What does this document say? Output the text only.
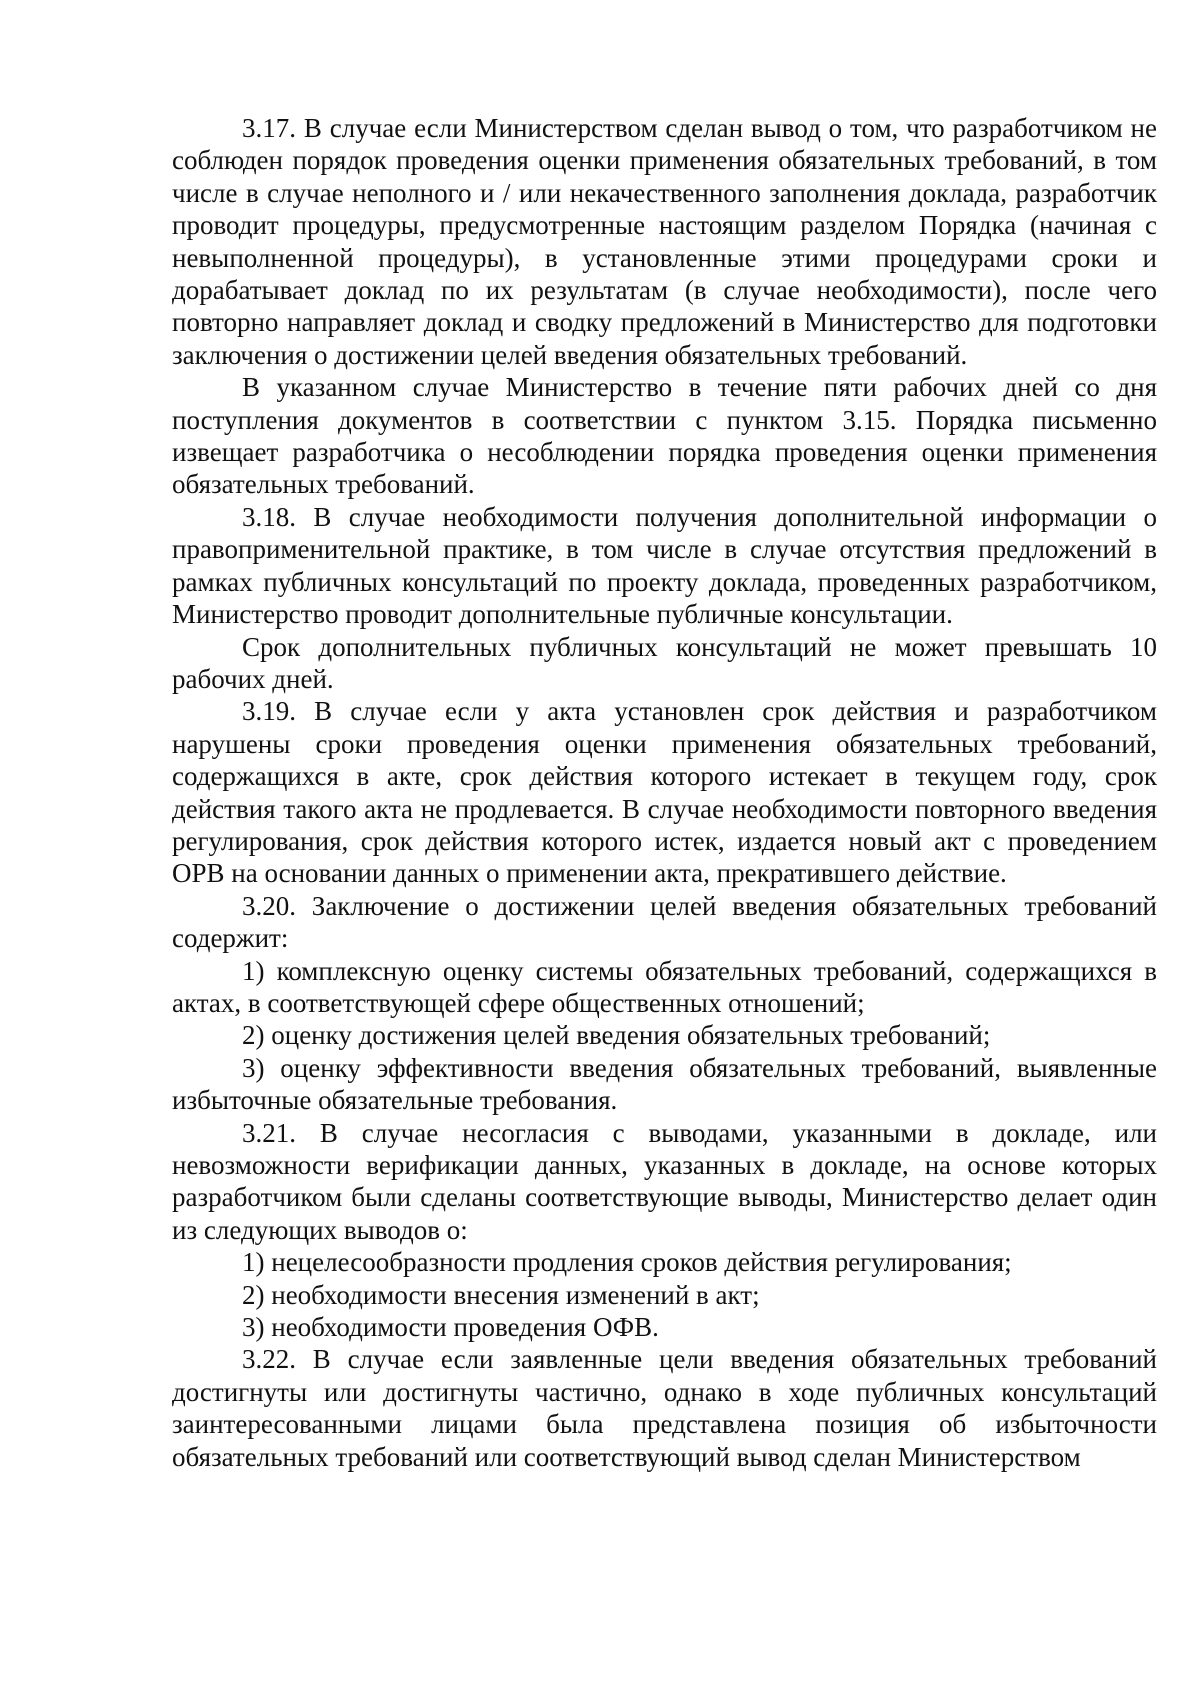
3.17. В случае если Министерством сделан вывод о том, что разработчиком не соблюден порядок проведения оценки применения обязательных требований, в том числе в случае неполного и / или некачественного заполнения доклада, разработчик проводит процедуры, предусмотренные настоящим разделом Порядка (начиная с невыполненной процедуры), в установленные этими процедурами сроки и дорабатывает доклад по их результатам (в случае необходимости), после чего повторно направляет доклад и сводку предложений в Министерство для подготовки заключения о достижении целей введения обязательных требований.

В указанном случае Министерство в течение пяти рабочих дней со дня поступления документов в соответствии с пунктом 3.15. Порядка письменно извещает разработчика о несоблюдении порядка проведения оценки применения обязательных требований.

3.18. В случае необходимости получения дополнительной информации о правоприменительной практике, в том числе в случае отсутствия предложений в рамках публичных консультаций по проекту доклада, проведенных разработчиком, Министерство проводит дополнительные публичные консультации.

Срок дополнительных публичных консультаций не может превышать 10 рабочих дней.

3.19. В случае если у акта установлен срок действия и разработчиком нарушены сроки проведения оценки применения обязательных требований, содержащихся в акте, срок действия которого истекает в текущем году, срок действия такого акта не продлевается. В случае необходимости повторного введения регулирования, срок действия которого истек, издается новый акт с проведением ОРВ на основании данных о применении акта, прекратившего действие.

3.20. Заключение о достижении целей введения обязательных требований содержит:

1) комплексную оценку системы обязательных требований, содержащихся в актах, в соответствующей сфере общественных отношений;

2) оценку достижения целей введения обязательных требований;

3) оценку эффективности введения обязательных требований, выявленные избыточные обязательные требования.

3.21. В случае несогласия с выводами, указанными в докладе, или невозможности верификации данных, указанных в докладе, на основе которых разработчиком были сделаны соответствующие выводы, Министерство делает один из следующих выводов о:

1) нецелесообразности продления сроков действия регулирования;

2) необходимости внесения изменений в акт;

3) необходимости проведения ОФВ.

3.22. В случае если заявленные цели введения обязательных требований достигнуты или достигнуты частично, однако в ходе публичных консультаций заинтересованными лицами была представлена позиция об избыточности обязательных требований или соответствующий вывод сделан Министерством
